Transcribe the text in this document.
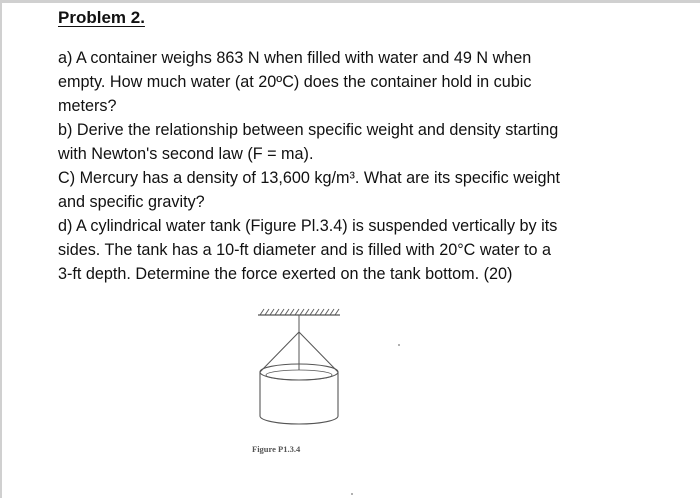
Problem 2.
a) A container weighs 863 N when filled with water and 49 N when
empty. How much water (at 20ºC) does the container hold in cubic
meters?
b) Derive the relationship between specific weight and density starting
with Newton's second law (F = ma).
C) Mercury has a density of 13,600 kg/m³. What are its specific weight
and specific gravity?
d) A cylindrical water tank (Figure Pl.3.4) is suspended vertically by its
sides. The tank has a 10-ft diameter and is filled with 20°C water to a
3-ft depth. Determine the force exerted on the tank bottom. (20)
Figure P1.3.4
